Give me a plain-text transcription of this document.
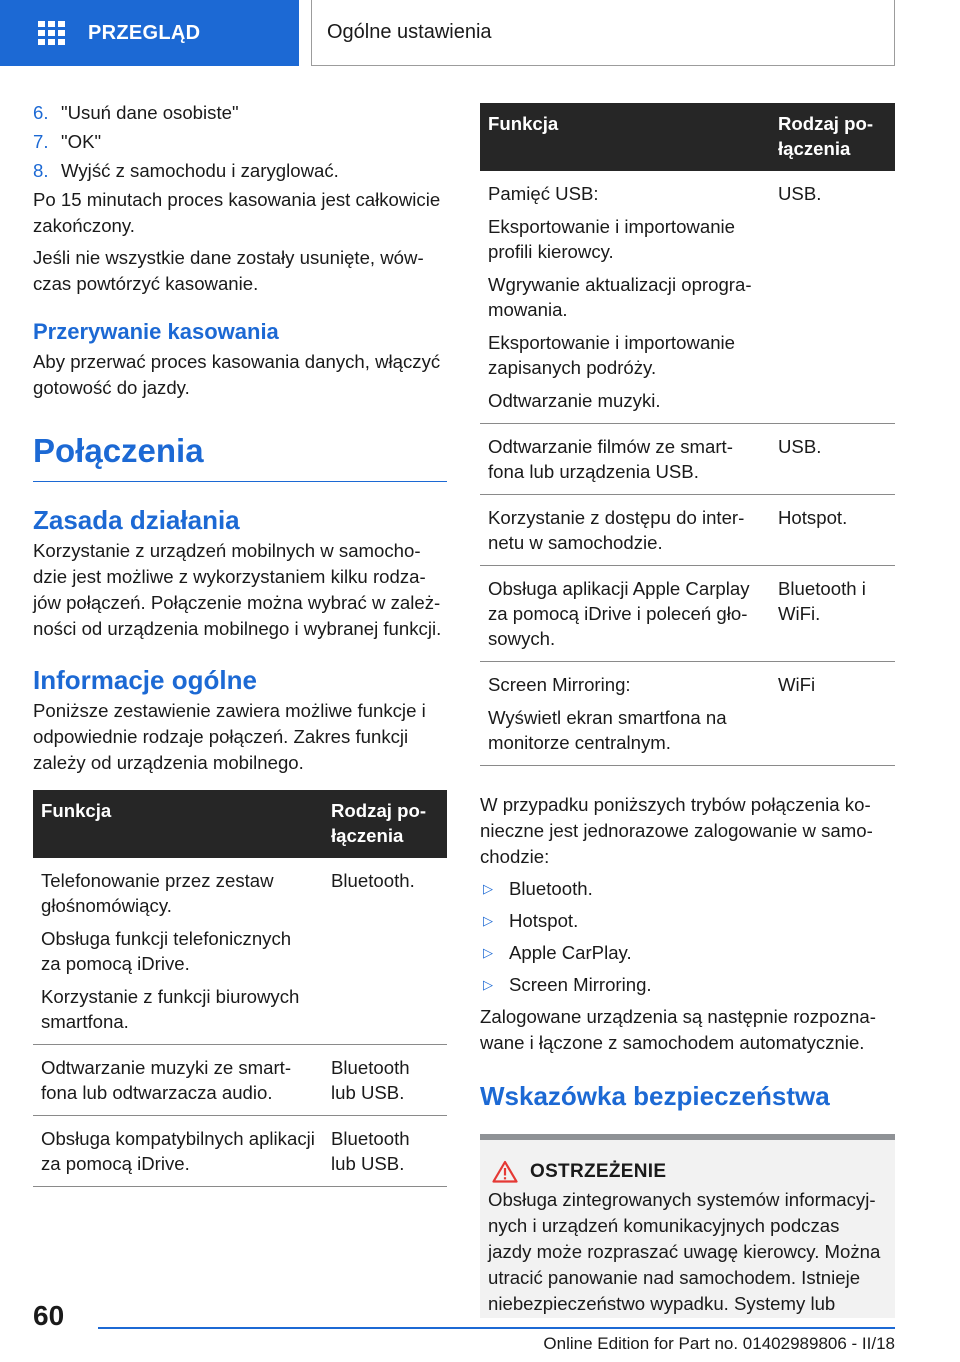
PRZEGLĄD	Ogólne ustawienia
6. "Usuń dane osobiste"
7. "OK"
8. Wyjść z samochodu i zaryglować.

Po 15 minutach proces kasowania jest całkowicie zakończony.

Jeśli nie wszystkie dane zostały usunięte, wówczas powtórzyć kasowanie.

Przerywanie kasowania

Aby przerwać proces kasowania danych, włączyć gotowość do jazdy.

Połączenia
Zasada działania

Korzystanie z urządzeń mobilnych w samochodzie jest możliwe z wykorzystaniem kilku rodzajów połączeń. Połączenie można wybrać w zależności od urządzenia mobilnego i wybranej funkcji.

Informacje ogólne

Poniższe zestawienie zawiera możliwe funkcje i odpowiednie rodzaje połączeń. Zakres funkcji zależy od urządzenia mobilnego.

Funkcja	Rodzaj połączenia

Telefonowanie przez zestaw głośnomówiący.
Obsługa funkcji telefonicznych za pomocą iDrive.
Korzystanie z funkcji biurowych smartfona.	Bluetooth.

Odtwarzanie muzyki ze smartfona lub odtwarzacza audio.	Bluetooth lub USB.

Obsługa kompatybilnych aplikacji za pomocą iDrive.	Bluetooth lub USB.
Funkcja	Rodzaj połączenia

Pamięć USB:
Eksportowanie i importowanie profili kierowcy.
Wgrywanie aktualizacji oprogramowania.
Eksportowanie i importowanie zapisanych podróży.
Odtwarzanie muzyki.	USB.

Odtwarzanie filmów ze smartfona lub urządzenia USB.	USB.

Korzystanie z dostępu do internetu w samochodzie.	Hotspot.

Obsługa aplikacji Apple Carplay za pomocą iDrive i poleceń głosowych.	Bluetooth i WiFi.

Screen Mirroring:
Wyświetl ekran smartfona na monitorze centralnym.	WiFi

W przypadku poniższych trybów połączenia konieczne jest jednorazowe zalogowanie w samochodzie:

▷ Bluetooth.
▷ Hotspot.
▷ Apple CarPlay.
▷ Screen Mirroring.

Zalogowane urządzenia są następnie rozpoznawane i łączone z samochodem automatycznie.

Wskazówka bezpieczeństwa
OSTRZEŻENIE

Obsługa zintegrowanych systemów informacyjnych i urządzeń komunikacyjnych podczas jazdy może rozpraszać uwagę kierowcy. Można utracić panowanie nad samochodem. Istnieje niebezpieczeństwo wypadku. Systemy lub

60
Online Edition for Part no. 01402989806 - II/18
